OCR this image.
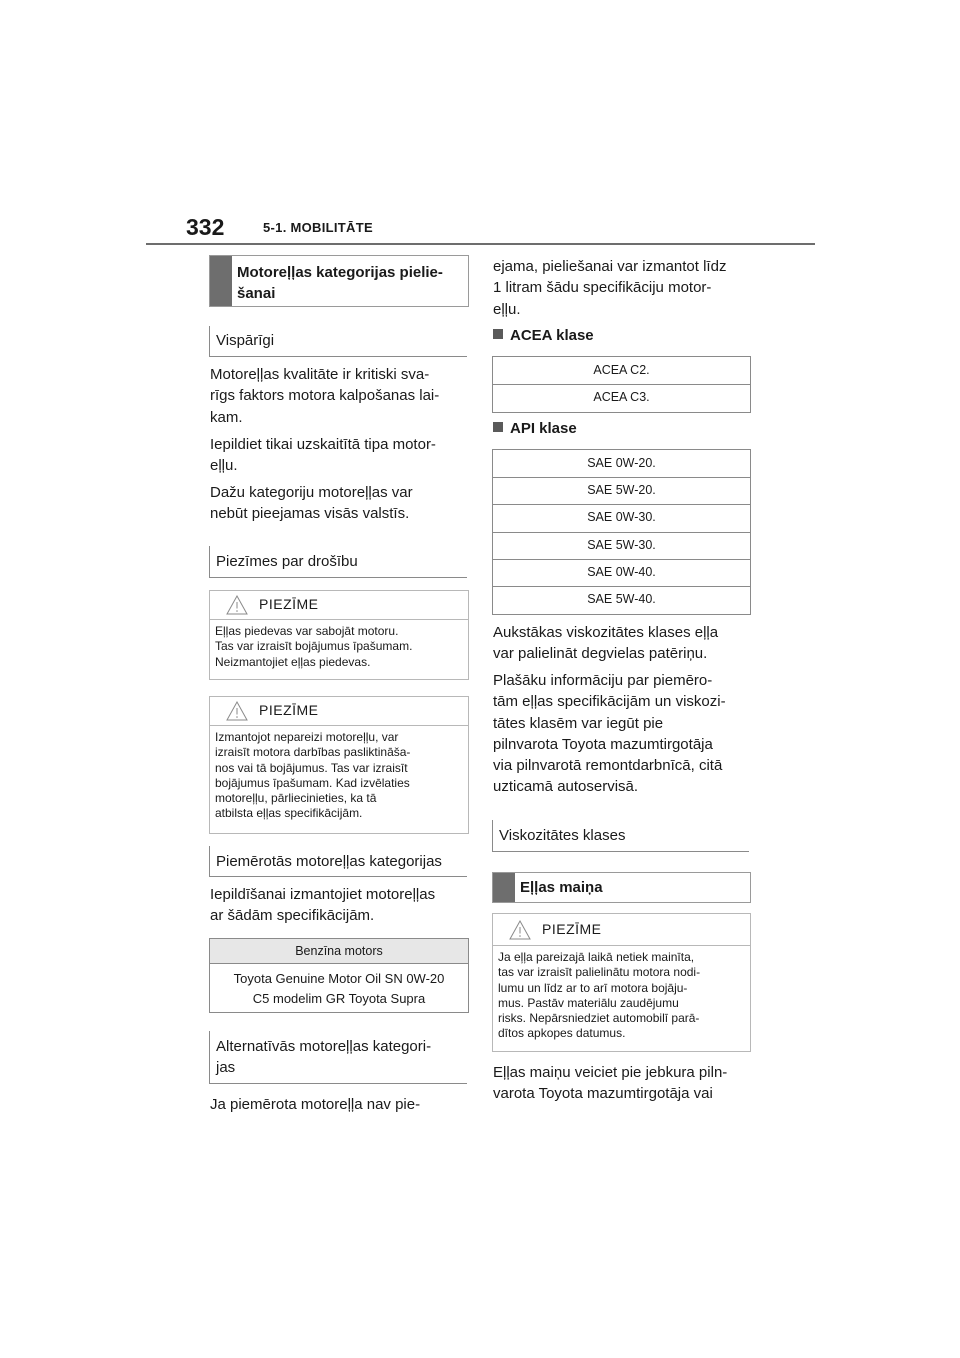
332	5-1. MOBILITĀTE
Motoreļļas kategorijas pielie-
šanai
Vispārīgi
Motoreļļas kvalitāte ir kritiski sva-
rīgs faktors motora kalpošanas lai-
kam.
Iepildiet tikai uzskaitītā tipa motor-
eļļu.
Dažu kategoriju motoreļļas var
nebūt pieejamas visās valstīs.
Piezīmes par drošību
PIEZĪME
Eļļas piedevas var sabojāt motoru.
Tas var izraisīt bojājumus īpašumam.
Neizmantojiet eļļas piedevas.
PIEZĪME
Izmantojot nepareizi motoreļļu, var
izraisīt motora darbības pasliktināša-
nos vai tā bojājumus. Tas var izraisīt
bojājumus īpašumam. Kad izvēlaties
motoreļļu, pārliecinieties, ka tā
atbilsta eļļas specifikācijām.
Piemērotās motoreļļas kategorijas
Iepildīšanai izmantojiet motoreļļas
ar šādām specifikācijām.
Benzīna motors
Toyota Genuine Motor Oil SN 0W-20
C5 modelim GR Toyota Supra
Alternatīvās motoreļļas kategori-
jas
Ja piemērota motoreļļa nav pie-
ejama, pieliešanai var izmantot līdz
1 litram šādu specifikāciju motor-
eļļu.
ACEA klase
ACEA C2.
ACEA C3.
API klase
SAE 0W-20.
SAE 5W-20.
SAE 0W-30.
SAE 5W-30.
SAE 0W-40.
SAE 5W-40.
Aukstākas viskozitātes klases eļļa
var palielināt degvielas patēriņu.
Plašāku informāciju par piemēro-
tām eļļas specifikācijām un viskozi-
tātes klasēm var iegūt pie
pilnvarota Toyota mazumtirgotāja
via pilnvarotā remontdarbnīcā, citā
uzticamā autoservisā.
Viskozitātes klases
Eļļas maiņa
PIEZĪME
Ja eļļa pareizajā laikā netiek mainīta,
tas var izraisīt palielinātu motora nodi-
lumu un līdz ar to arī motora bojāju-
mus. Pastāv materiālu zaudējumu
risks. Nepārsniedziet automobilī parā-
dītos apkopes datumus.
Eļļas maiņu veiciet pie jebkura piln-
varota Toyota mazumtirgotāja vai
